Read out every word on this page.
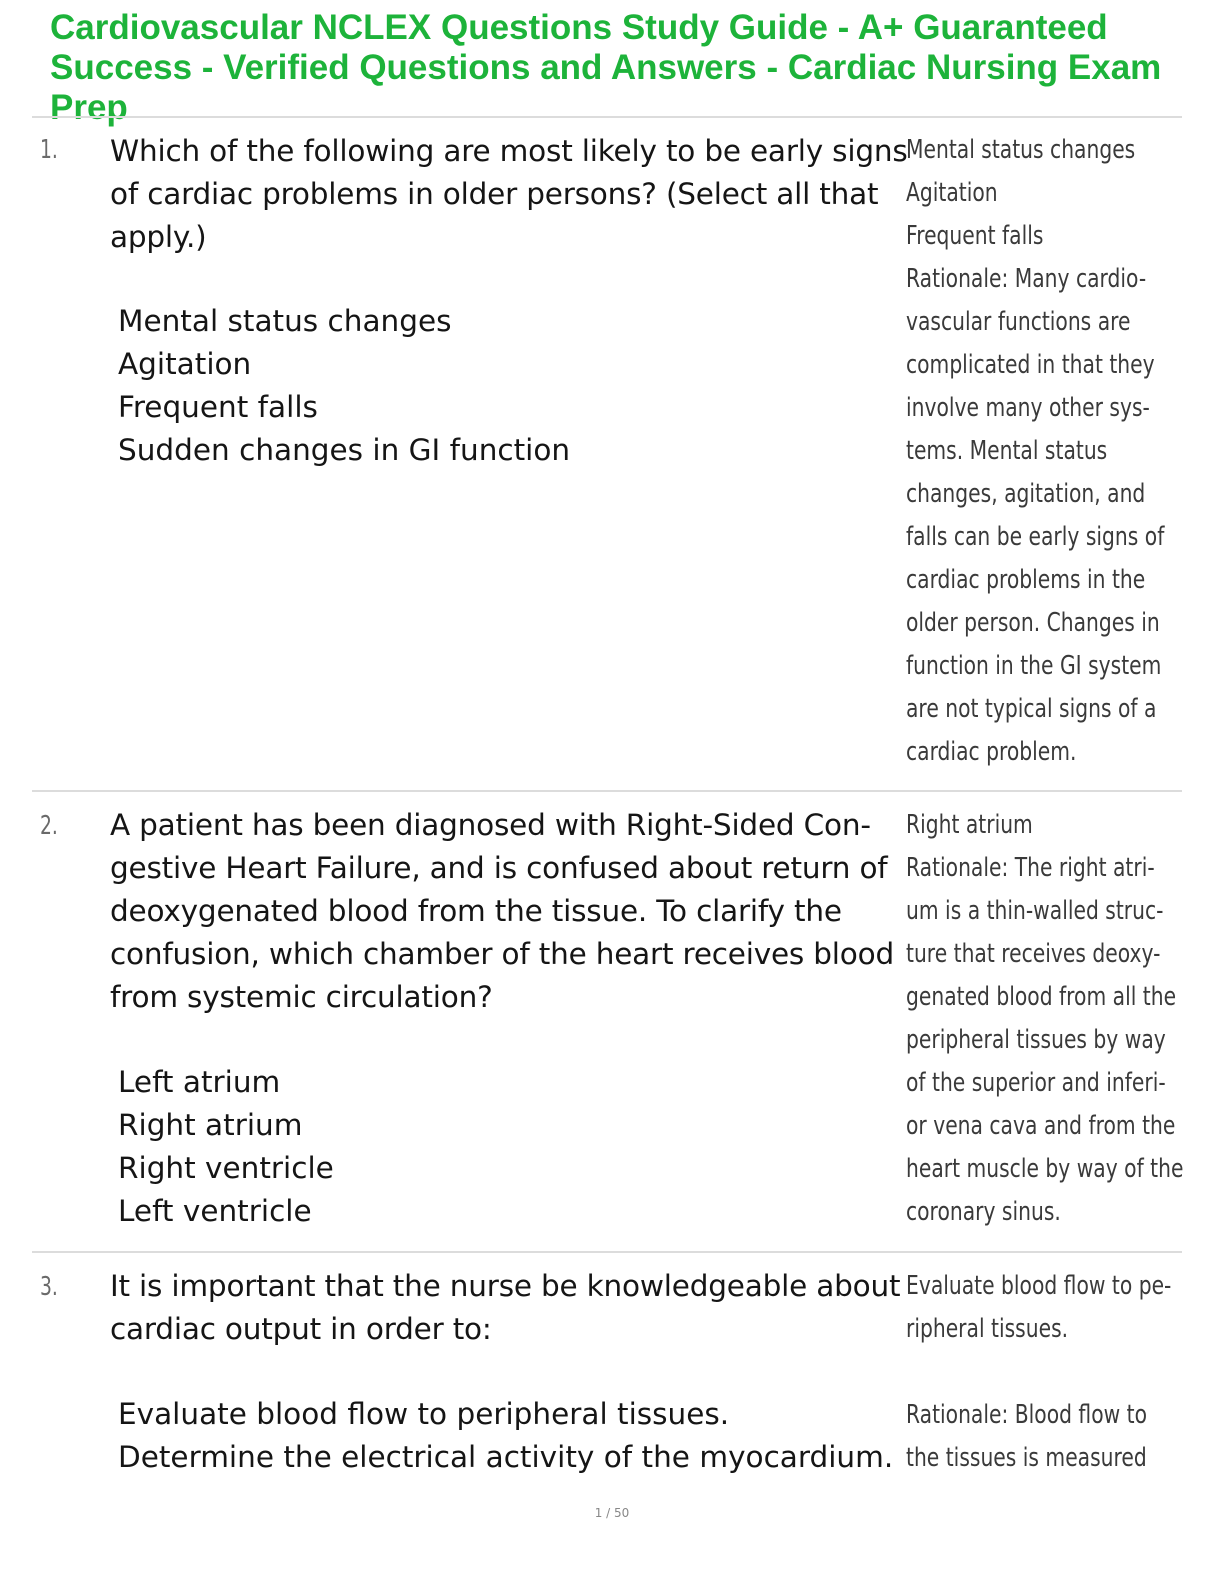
Cardiovascular NCLEX Questions Study Guide - A+ Guaranteed Success - Verified Questions and Answers - Cardiac Nursing Exam Prep
1. Which of the following are most likely to be early signs of cardiac problems in older persons? (Select all that apply.)

Mental status changes
Agitation
Frequent falls
Sudden changes in GI function
Mental status changes
Agitation
Frequent falls
Rationale: Many cardio-
vascular functions are
complicated in that they
involve many other sys-
tems. Mental status
changes, agitation, and
falls can be early signs of
cardiac problems in the
older person. Changes in
function in the GI system
are not typical signs of a
cardiac problem.
2. A patient has been diagnosed with Right-Sided Con-gestive Heart Failure, and is confused about return of deoxygenated blood from the tissue. To clarify the confusion, which chamber of the heart receives blood from systemic circulation?

Left atrium
Right atrium
Right ventricle
Left ventricle
Right atrium
Rationale: The right atri-
um is a thin-walled struc-
ture that receives deoxy-
genated blood from all the
peripheral tissues by way
of the superior and inferi-
or vena cava and from the
heart muscle by way of the
coronary sinus.
3. It is important that the nurse be knowledgeable about cardiac output in order to:

Evaluate blood flow to peripheral tissues.
Determine the electrical activity of the myocardium.
Evaluate blood flow to pe-
ripheral tissues.

Rationale: Blood flow to
the tissues is measured
1 / 50
